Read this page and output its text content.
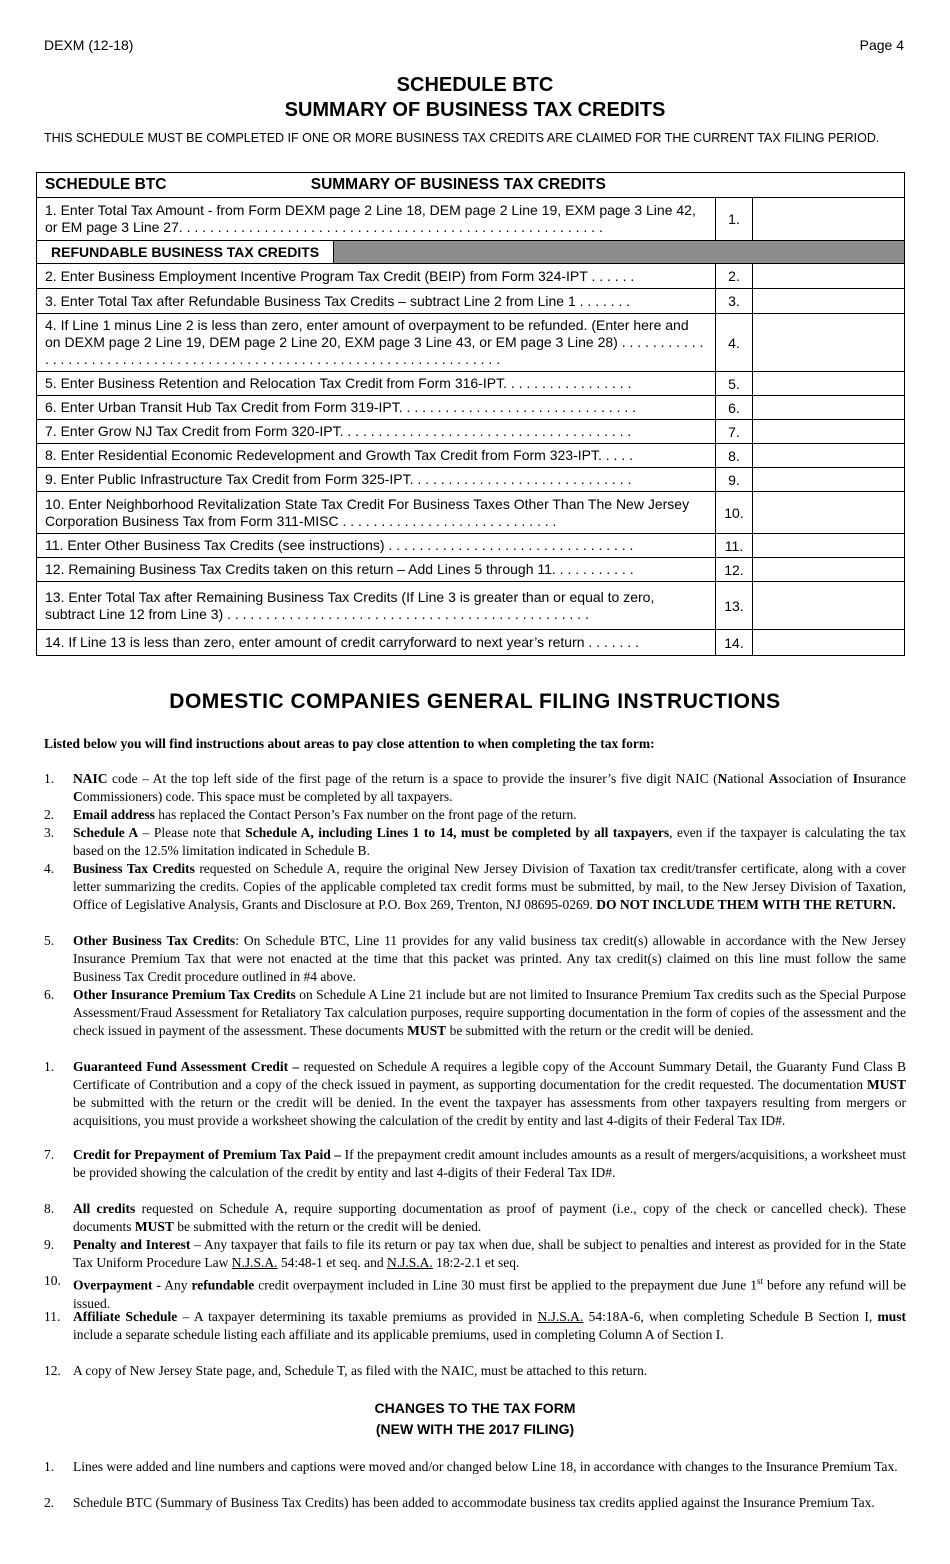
DEXM (12-18)	Page 4
SCHEDULE BTC
SUMMARY OF BUSINESS TAX CREDITS
THIS SCHEDULE MUST BE COMPLETED IF ONE OR MORE BUSINESS TAX CREDITS ARE CLAIMED FOR THE CURRENT TAX FILING PERIOD.
SCHEDULE BTC SUMMARY OF BUSINESS TAX CREDITS		
1. Enter Total Tax Amount - from Form DEXM page 2 Line 18, DEM page 2 Line 19, EXM page 3 Line 42, or EM page 3 Line 27. . . . . . . . . . . . . . . . . . . . . . . . . . . . . . . . . . . . . . . . . . . . . . . . . . . . . . .	1.	
REFUNDABLE BUSINESS TAX CREDITS		
2. Enter Business Employment Incentive Program Tax Credit (BEIP) from Form 324-IPT . . . . . .	2.	
3. Enter Total Tax after Refundable Business Tax Credits – subtract Line 2 from Line 1 . . . . . . .	3.	
4. If Line 1 minus Line 2 is less than zero, enter amount of overpayment to be refunded. (Enter here and on DEXM page 2 Line 19, DEM page 2 Line 20, EXM page 3 Line 43, or EM page 3 Line 28) . . . . . . . . . . . . . . . . . . . . . . . . . . . . . . . . . . . . . . . . . . . . . . . . . . . . . . . . . . . . . . . . . . . . . .	4.	
5. Enter Business Retention and Relocation Tax Credit from Form 316-IPT. . . . . . . . . . . . . . . . .	5.	
6. Enter Urban Transit Hub Tax Credit from Form 319-IPT. . . . . . . . . . . . . . . . . . . . . . . . . . . . . . .	6.	
7. Enter Grow NJ Tax Credit from Form 320-IPT. . . . . . . . . . . . . . . . . . . . . . . . . . . . . . . . . . . . . .	7.	
8. Enter Residential Economic Redevelopment and Growth Tax Credit from Form 323-IPT. . . . .	8.	
9. Enter Public Infrastructure Tax Credit from Form 325-IPT. . . . . . . . . . . . . . . . . . . . . . . . . . . . .	9.	
10. Enter Neighborhood Revitalization State Tax Credit For Business Taxes Other Than The New Jersey Corporation Business Tax from Form 311-MISC . . . . . . . . . . . . . . . . . . . . . . . . . . . .	10.	
11. Enter Other Business Tax Credits (see instructions) . . . . . . . . . . . . . . . . . . . . . . . . . . . . . . . .	11.	
12. Remaining Business Tax Credits taken on this return – Add Lines 5 through 11. . . . . . . . . . .	12.	
13. Enter Total Tax after Remaining Business Tax Credits (If Line 3 is greater than or equal to zero, subtract Line 12 from Line 3) . . . . . . . . . . . . . . . . . . . . . . . . . . . . . . . . . . . . . . . . . . . . . . .	13.	
14. If Line 13 is less than zero, enter amount of credit carryforward to next year’s return . . . . . . .	14.	
DOMESTIC COMPANIES GENERAL FILING INSTRUCTIONS
Listed below you will find instructions about areas to pay close attention to when completing the tax form:
1. NAIC code – At the top left side of the first page of the return is a space to provide the insurer’s five digit NAIC (National Association of Insurance Commissioners) code. This space must be completed by all taxpayers.
2. Email address has replaced the Contact Person’s Fax number on the front page of the return.
3. Schedule A – Please note that Schedule A, including Lines 1 to 14, must be completed by all taxpayers, even if the taxpayer is calculating the tax based on the 12.5% limitation indicated in Schedule B.
4. Business Tax Credits requested on Schedule A, require the original New Jersey Division of Taxation tax credit/transfer certificate, along with a cover letter summarizing the credits. Copies of the applicable completed tax credit forms must be submitted, by mail, to the New Jersey Division of Taxation, Office of Legislative Analysis, Grants and Disclosure at P.O. Box 269, Trenton, NJ 08695-0269. DO NOT INCLUDE THEM WITH THE RETURN.
5. Other Business Tax Credits: On Schedule BTC, Line 11 provides for any valid business tax credit(s) allowable in accordance with the New Jersey Insurance Premium Tax that were not enacted at the time that this packet was printed. Any tax credit(s) claimed on this line must follow the same Business Tax Credit procedure outlined in #4 above.
6. Other Insurance Premium Tax Credits on Schedule A Line 21 include but are not limited to Insurance Premium Tax credits such as the Special Purpose Assessment/Fraud Assessment for Retaliatory Tax calculation purposes, require supporting documentation in the form of copies of the assessment and the check issued in payment of the assessment. These documents MUST be submitted with the return or the credit will be denied.
1. Guaranteed Fund Assessment Credit – requested on Schedule A requires a legible copy of the Account Summary Detail, the Guaranty Fund Class B Certificate of Contribution and a copy of the check issued in payment, as supporting documentation for the credit requested. The documentation MUST be submitted with the return or the credit will be denied. In the event the taxpayer has assessments from other taxpayers resulting from mergers or acquisitions, you must provide a worksheet showing the calculation of the credit by entity and last 4-digits of their Federal Tax ID#.
7. Credit for Prepayment of Premium Tax Paid – If the prepayment credit amount includes amounts as a result of mergers/acquisitions, a worksheet must be provided showing the calculation of the credit by entity and last 4-digits of their Federal Tax ID#.
8. All credits requested on Schedule A, require supporting documentation as proof of payment (i.e., copy of the check or cancelled check). These documents MUST be submitted with the return or the credit will be denied.
9. Penalty and Interest – Any taxpayer that fails to file its return or pay tax when due, shall be subject to penalties and interest as provided for in the State Tax Uniform Procedure Law N.J.S.A. 54:48-1 et seq. and N.J.S.A. 18:2-2.1 et seq.
10. Overpayment - Any refundable credit overpayment included in Line 30 must first be applied to the prepayment due June 1st before any refund will be issued.
11. Affiliate Schedule – A taxpayer determining its taxable premiums as provided in N.J.S.A. 54:18A-6, when completing Schedule B Section I, must include a separate schedule listing each affiliate and its applicable premiums, used in completing Column A of Section I.
12. A copy of New Jersey State page, and, Schedule T, as filed with the NAIC, must be attached to this return.
CHANGES TO THE TAX FORM
(NEW WITH THE 2017 FILING)
1. Lines were added and line numbers and captions were moved and/or changed below Line 18, in accordance with changes to the Insurance Premium Tax.
2. Schedule BTC (Summary of Business Tax Credits) has been added to accommodate business tax credits applied against the Insurance Premium Tax.
